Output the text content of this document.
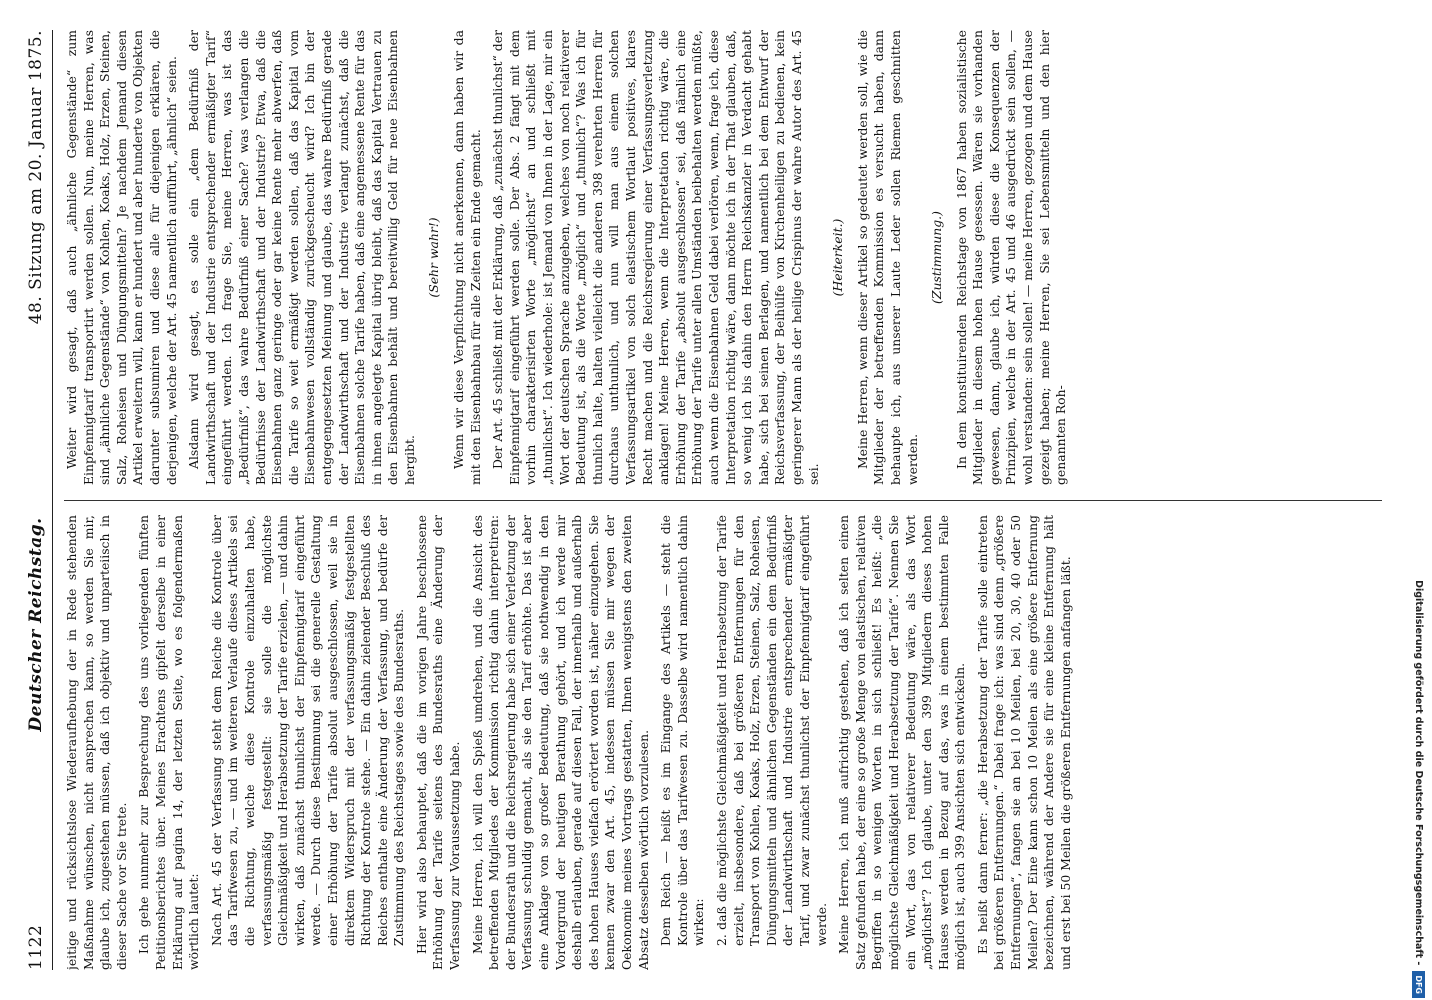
1122
Deutscher Reichstag.
48. Sitzung am 20. Januar 1875.

jeitige und rücksichtslose Wiederaufhebung der in Rede stehenden Maßnahme wünschen, nicht ansprechen kann, so werden Sie mir, glaube ich, zugestehen müssen, daß ich objektiv und unparteiisch in dieser Sache vor Sie trete. Ich gehe nunmehr zur Besprechung des uns vorliegenden fünften Petitionsberichtes über. Meines Erachtens gipfelt derselbe in einer Erklärung auf pagina 14, der letzten Seite, wo es folgendermaßen wörtlich lautet: Nach Art. 45 der Verfassung steht dem Reiche die Kontrole über das Tarifwesen zu, — und im weiteren Verlaufe dieses Artikels sei die Richtung, welche diese Kontrole einzuhalten habe, verfassungsmäßig festgestellt: sie solle die möglichste Gleichmäßigkeit und Herabsetzung der Tarife erzielen, — und dahin wirken, daß zunächst thunlichst der Einpfennigtarif eingeführt werde. — Durch diese Bestimmung sei die generelle Gestaltung einer Erhöhung der Tarife absolut ausgeschlossen, weil sie in direktem Widerspruch mit der verfassungsmäßig festgestellten Richtung der Kontrole stehe. — Ein dahin zielender Beschluß des Reiches enthalte eine Änderung der Verfassung, und bedürfe der Zustimmung des Reichstages sowie des Bundesraths. Hier wird also behauptet, daß die im vorigen Jahre beschlossene Erhöhung der Tarife seitens des Bundesraths eine Änderung der Verfassung zur Voraussetzung habe. Meine Herren, ich will den Spieß umdrehen, und die Ansicht des betreffenden Mitgliedes der Kommission richtig dahin interpretiren: der Bundesrath und die Reichsregierung habe sich einer Verletzung der Verfassung schuldig gemacht, als sie den Tarif erhöhte. Das ist aber eine Anklage von so großer Bedeutung, daß sie nothwendig in den Vordergrund der heutigen Berathung gehört, und ich werde mir deshalb erlauben, gerade auf diesen Fall, der innerhalb und außerhalb des hohen Hauses vielfach erörtert worden ist, näher einzugehen. Sie kennen zwar den Art. 45, indessen müssen Sie mir wegen der Oekonomie meines Vortrags gestatten, Ihnen wenigstens den zweiten Absatz desselben wörtlich vorzulesen. Dem Reich — heißt es im Eingange des Artikels — steht die Kontrole über das Tarifwesen zu. Dasselbe wird namentlich dahin wirken: 2. daß die möglichste Gleichmäßigkeit und Herabsetzung der Tarife erzielt, insbesondere, daß bei größeren Entfernungen für den Transport von Kohlen, Koaks, Holz, Erzen, Steinen, Salz, Roheisen, Düngungsmitteln und ähnlichen Gegenständen ein dem Bedürfniß der Landwirthschaft und Industrie entsprechender ermäßigter Tarif, und zwar zunächst thunlichst der Einpfennigtarif eingeführt werde. Meine Herren, ich muß aufrichtig gestehen, daß ich selten einen Satz gefunden habe, der eine so große Menge von elastischen, relativen Begriffen in so wenigen Worten in sich schließt! Es heißt: „die möglichste Gleichmäßigkeit und Herabsetzung der Tarife“. Nennen Sie ein Wort, das von relativerer Bedeutung wäre, als das Wort „möglichst“? Ich glaube, unter den 399 Mitgliedern dieses hohen Hauses werden in Bezug auf das, was in einem bestimmten Falle möglich ist, auch 399 Ansichten sich entwickeln. Es heißt dann ferner: „die Herabsetzung der Tarife solle eintreten bei größeren Entfernungen.“ Dabei frage ich: was sind denn „größere Entfernungen“, fangen sie an bei 10 Meilen, bei 20, 30, 40 oder 50 Meilen? Der Eine kann schon 10 Meilen als eine größere Entfernung bezeichnen, während der Andere sie für eine kleine Entfernung hält und erst bei 50 Meilen die größeren Entfernungen anfangen läßt.

Weiter wird gesagt, daß auch „ähnliche Gegenstände“ zum Einpfennigtarif transportirt werden sollen. Nun, meine Herren, was sind „ähnliche Gegenstände“ von Kohlen, Koaks, Holz, Erzen, Steinen, Salz, Roheisen und Düngungsmitteln? Je nachdem Jemand diesen Artikel erweitern will, kann er hundert und aber hunderte von Objekten darunter subsumiren und diese alle für diejenigen erklären, die derjenigen, welche der Art. 45 namentlich aufführt, „ähnlich“ seien. Alsdann wird gesagt, es solle ein „dem Bedürfniß der Landwirthschaft und der Industrie entsprechender ermäßigter Tarif“ eingeführt werden. Ich frage Sie, meine Herren, was ist das „Bedürfniß“, das wahre Bedürfniß einer Sache? was verlangen die Bedürfnisse der Landwirthschaft und der Industrie? Etwa, daß die Eisenbahnen ganz geringe oder gar keine Rente mehr abwerfen, daß die Tarife so weit ermäßigt werden sollen, daß das Kapital vom Eisenbahnwesen vollständig zurückgescheucht wird? Ich bin der entgegengesetzten Meinung und glaube, das wahre Bedürfniß gerade der Landwirthschaft und der Industrie verlangt zunächst, daß die Eisenbahnen solche Tarife haben, daß eine angemessene Rente für das in ihnen angelegte Kapital übrig bleibt, daß das Kapital Vertrauen zu den Eisenbahnen behält und bereitwillig Geld für neue Eisenbahnen hergibt.

(Sehr wahr!) Wenn wir diese Verpflichtung nicht anerkennen, dann haben wir da mit den Eisenbahnbau für alle Zeiten ein Ende gemacht. Der Art. 45 schließt mit der Erklärung, daß „zunächst thunlichst“ der Einpfennigtarif eingeführt werden solle. Der Abs. 2 fängt mit dem vorhin charakterisirten Worte „möglichst“ an und schließt mit „thunlichst“. Ich wiederhole: ist Jemand von Ihnen in der Lage, mir ein Wort der deutschen Sprache anzugeben, welches von noch relativerer Bedeutung ist, als die Worte „möglich“ und „thunlich“? Was ich für thunlich halte, halten vielleicht die anderen 398 verehrten Herren für durchaus unthunlich, und nun will man aus einem solchen Verfassungsartikel von solch elastischem Wortlaut positives, klares Recht machen und die Reichsregierung einer Verfassungsverletzung anklagen! Meine Herren, wenn die Interpretation richtig wäre, die Erhöhung der Tarife „absolut ausgeschlossen“ sei, daß nämlich eine Erhöhung der Tarife unter allen Umständen beibehalten werden müßte, auch wenn die Eisenbahnen Geld dabei verlören, wenn, frage ich, diese Interpretation richtig wäre, dann möchte ich in der That glauben, daß, so wenig ich bis dahin den Herrn Reichskanzler in Verdacht gehabt habe, sich bei seinen Berlagen, und namentlich bei dem Entwurf der Reichsverfassung, der Beihülfe von Kirchenheiligen zu bedienen, kein geringerer Mann als der heilige Crispinus der wahre Autor des Art. 45 sei.

(Heiterkeit.) Meine Herren, wenn dieser Artikel so gedeutet werden soll, wie die Mitglieder der betreffenden Kommission es versucht haben, dann behaupte ich, aus unserer Laute Leder sollen Riemen geschnitten werden.

(Zustimmung.) In dem konstituirenden Reichstage von 1867 haben sozialistische Mitglieder in diesem hohen Hause gesessen. Wären sie vorhanden gewesen, dann, glaube ich, würden diese die Konsequenzen der Prinzipien, welche in der Art. 45 und 46 ausgedrückt sein sollen, — wohl verstanden: sein sollen! — meine Herren, gezogen und dem Hause gezeigt haben; meine Herren, Sie sei Lebensmitteln und den hier genannten Roh-

Digitalisierung gefördert durch die Deutsche Forschungsgemeinschaft -
DFG
